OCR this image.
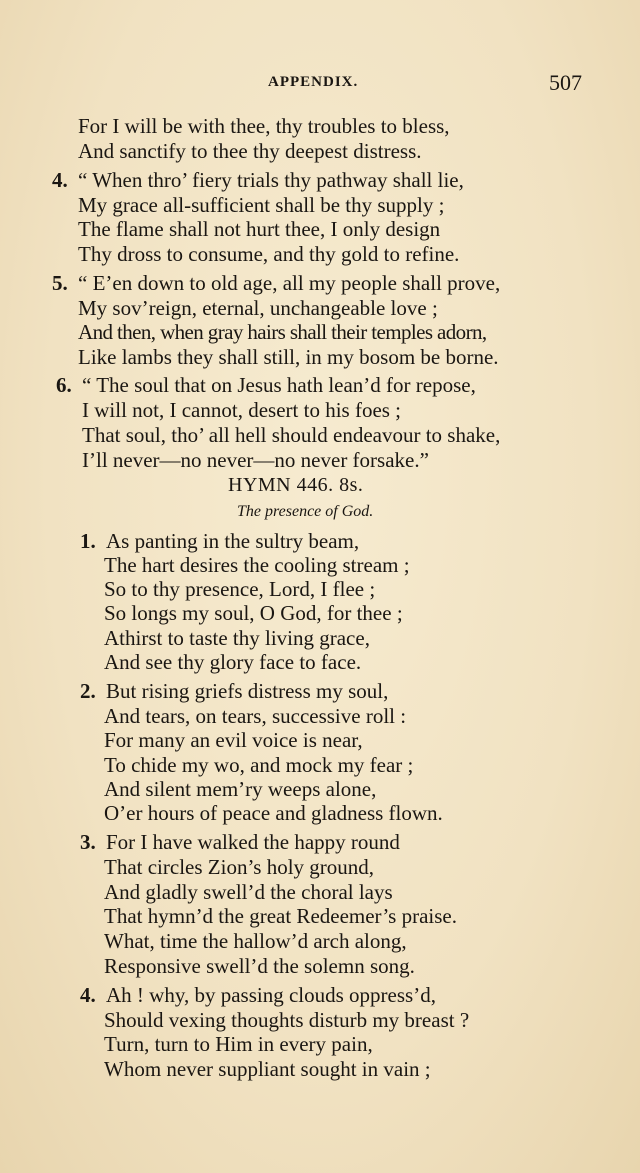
APPENDIX.	507
For I will be with thee, thy troubles to bless,
And sanctify to thee thy deepest distress.
4. “ When thro’ fiery trials thy pathway shall lie,
My grace all-sufficient shall be thy supply ;
The flame shall not hurt thee, I only design
Thy dross to consume, and thy gold to refine.
5. “ E’en down to old age, all my people shall prove,
My sov’reign, eternal, unchangeable love ;
And then, when gray hairs shall their temples adorn,
Like lambs they shall still, in my bosom be borne.
6. “ The soul that on Jesus hath lean’d for repose,
I will not, I cannot, desert to his foes ;
That soul, tho’ all hell should endeavour to shake,
I’ll never—no never—no never forsake.”
HYMN 446. 8s.
The presence of God.
1. As panting in the sultry beam,
The hart desires the cooling stream ;
So to thy presence, Lord, I flee ;
So longs my soul, O God, for thee ;
Athirst to taste thy living grace,
And see thy glory face to face.
2. But rising griefs distress my soul,
And tears, on tears, successive roll :
For many an evil voice is near,
To chide my wo, and mock my fear ;
And silent mem’ry weeps alone,
O’er hours of peace and gladness flown.
3. For I have walked the happy round
That circles Zion’s holy ground,
And gladly swell’d the choral lays
That hymn’d the great Redeemer’s praise.
What, time the hallow’d arch along,
Responsive swell’d the solemn song.
4. Ah ! why, by passing clouds oppress’d,
Should vexing thoughts disturb my breast ?
Turn, turn to Him in every pain,
Whom never suppliant sought in vain ;
